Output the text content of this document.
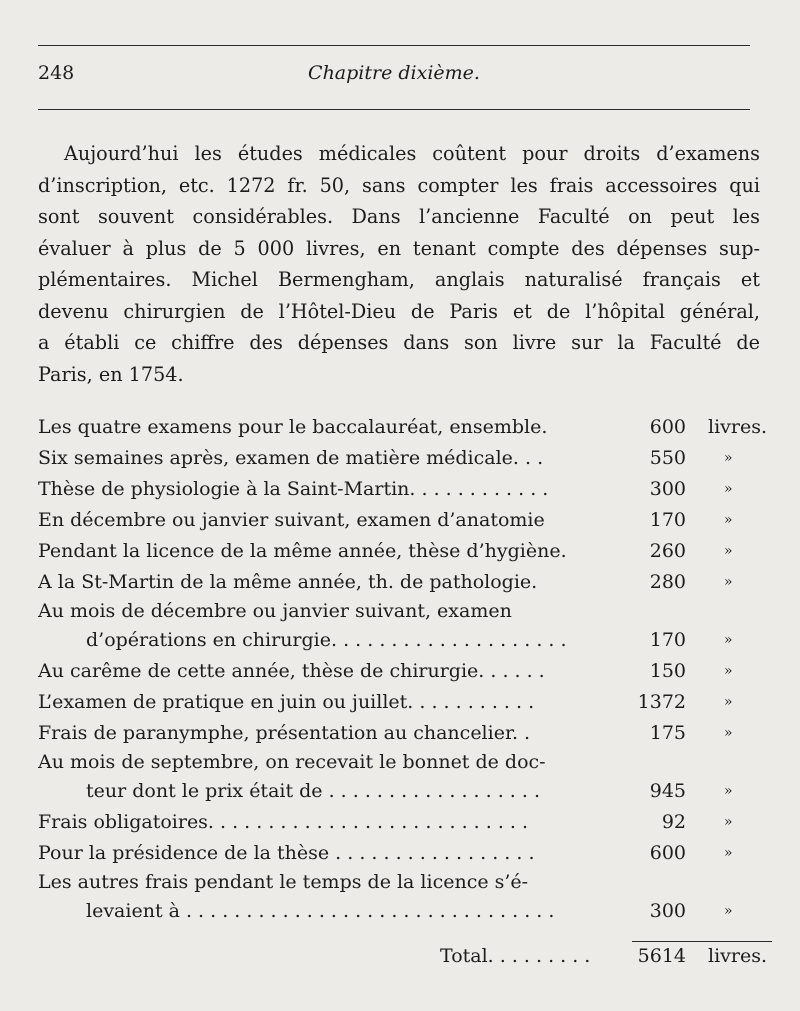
248	Chapitre dixième.
Aujourd’hui les études médicales coûtent pour droits d’examens
d’inscription, etc. 1272 fr. 50, sans compter les frais accessoires qui
sont souvent considérables. Dans l’ancienne Faculté on peut les
évaluer à plus de 5 000 livres, en tenant compte des dépenses sup-
plémentaires. Michel Bermengham, anglais naturalisé français et
devenu chirurgien de l’Hôtel-Dieu de Paris et de l’hôpital général,
a établi ce chiffre des dépenses dans son livre sur la Faculté de
Paris, en 1754.
Les quatre examens pour le baccalauréat, ensemble.	600 livres.
Six semaines après, examen de matière médicale. . .	550	»
Thèse de physiologie à la Saint-Martin. . . . . . . . . . . .	300	»
En décembre ou janvier suivant, examen d’anatomie	170	»
Pendant la licence de la même année, thèse d’hygiène.	260	»
A la St-Martin de la même année, th. de pathologie.	280	»
Au mois de décembre ou janvier suivant, examen
d’opérations en chirurgie. . . . . . . . . . . . . . . . . . . .	170	»
Au carême de cette année, thèse de chirurgie. . . . . .	150	»
L’examen de pratique en juin ou juillet. . . . . . . . . . .	1372	»
Frais de paranymphe, présentation au chancelier. .	175	»
Au mois de septembre, on recevait le bonnet de doc-
teur dont le prix était de . . . . . . . . . . . . . . . . . .	945	»
Frais obligatoires. . . . . . . . . . . . . . . . . . . . . . . . . . .	92	»
Pour la présidence de la thèse . . . . . . . . . . . . . . . . .	600	»
Les autres frais pendant le temps de la licence s’é-
levaient à . . . . . . . . . . . . . . . . . . . . . . . . . . . . . . .	300	»
Total. . . . . . . . .	5614 livres.
